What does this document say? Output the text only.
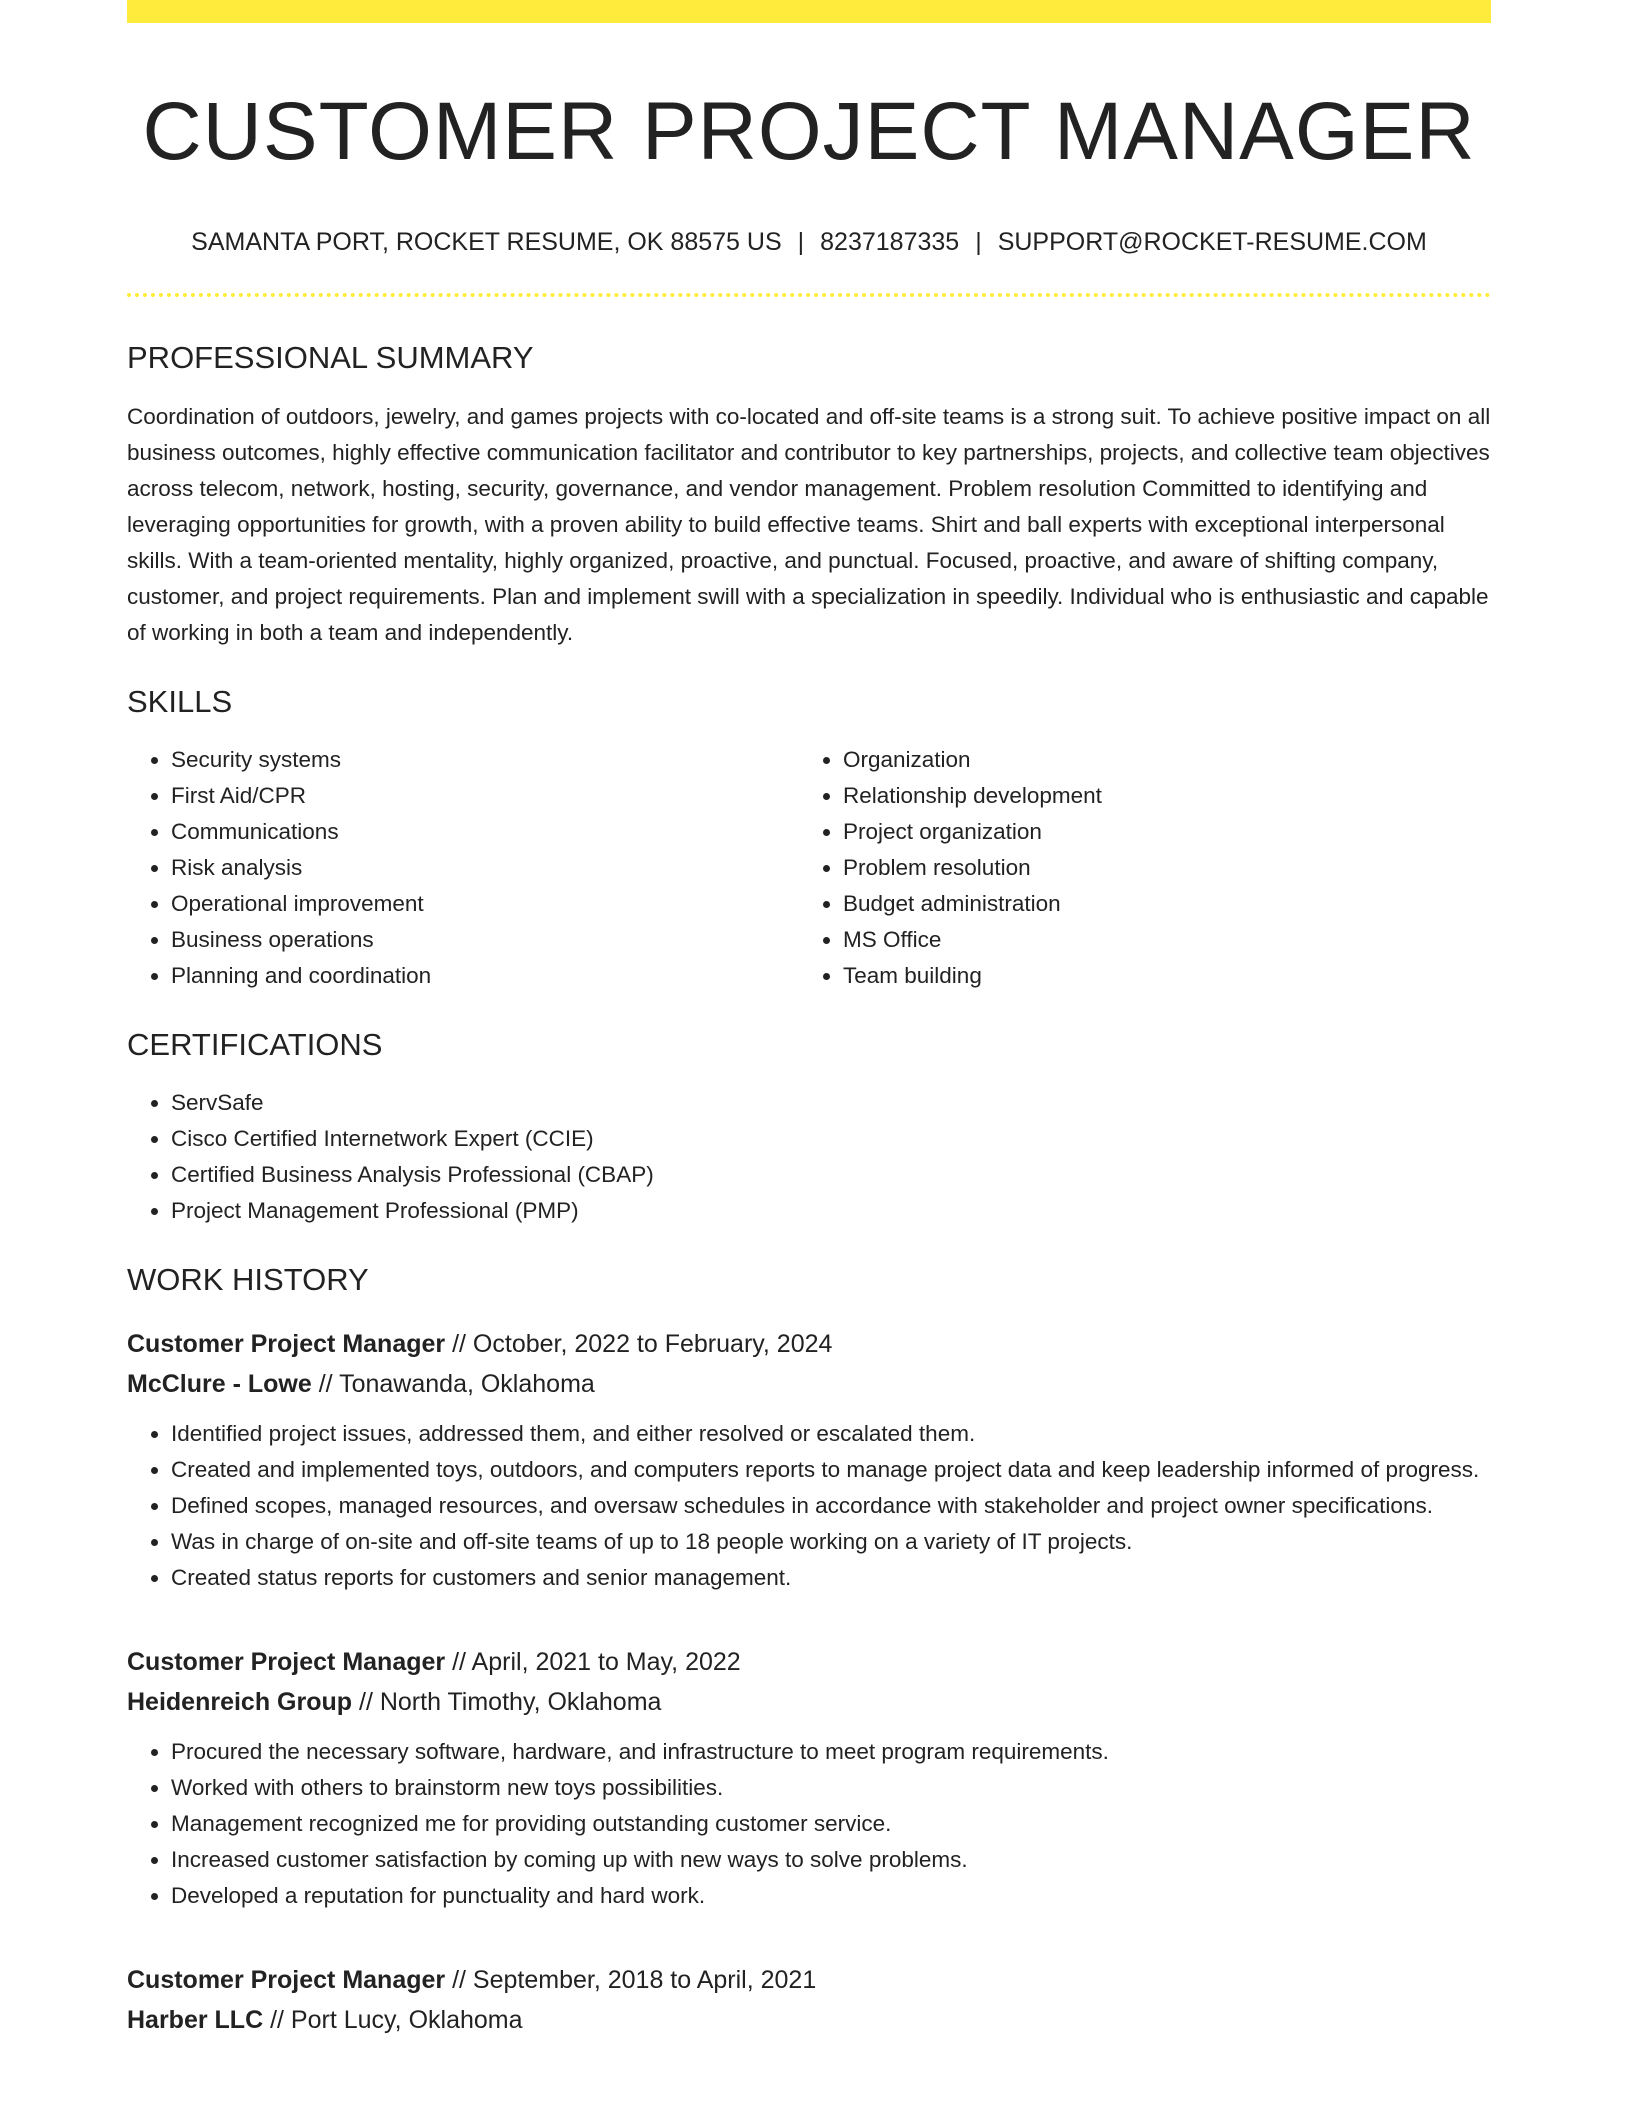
CUSTOMER PROJECT MANAGER
SAMANTA PORT, ROCKET RESUME, OK 88575 US | 8237187335 | SUPPORT@ROCKET-RESUME.COM
PROFESSIONAL SUMMARY

Coordination of outdoors, jewelry, and games projects with co-located and off-site teams is a strong suit. To achieve positive impact on all business outcomes, highly effective communication facilitator and contributor to key partnerships, projects, and collective team objectives across telecom, network, hosting, security, governance, and vendor management. Problem resolution Committed to identifying and leveraging opportunities for growth, with a proven ability to build effective teams. Shirt and ball experts with exceptional interpersonal skills. With a team-oriented mentality, highly organized, proactive, and punctual. Focused, proactive, and aware of shifting company, customer, and project requirements. Plan and implement swill with a specialization in speedily. Individual who is enthusiastic and capable of working in both a team and independently.

SKILLS
• Security systems
• First Aid/CPR
• Communications
• Risk analysis
• Operational improvement
• Business operations
• Planning and coordination
• Organization
• Relationship development
• Project organization
• Problem resolution
• Budget administration
• MS Office
• Team building
CERTIFICATIONS
• ServSafe
• Cisco Certified Internetwork Expert (CCIE)
• Certified Business Analysis Professional (CBAP)
• Project Management Professional (PMP)
WORK HISTORY
Customer Project Manager // October, 2022 to February, 2024
McClure - Lowe // Tonawanda, Oklahoma
• Identified project issues, addressed them, and either resolved or escalated them.
• Created and implemented toys, outdoors, and computers reports to manage project data and keep leadership informed of progress.
• Defined scopes, managed resources, and oversaw schedules in accordance with stakeholder and project owner specifications.
• Was in charge of on-site and off-site teams of up to 18 people working on a variety of IT projects.
• Created status reports for customers and senior management.
Customer Project Manager // April, 2021 to May, 2022
Heidenreich Group // North Timothy, Oklahoma
• Procured the necessary software, hardware, and infrastructure to meet program requirements.
• Worked with others to brainstorm new toys possibilities.
• Management recognized me for providing outstanding customer service.
• Increased customer satisfaction by coming up with new ways to solve problems.
• Developed a reputation for punctuality and hard work.
Customer Project Manager // September, 2018 to April, 2021
Harber LLC // Port Lucy, Oklahoma
